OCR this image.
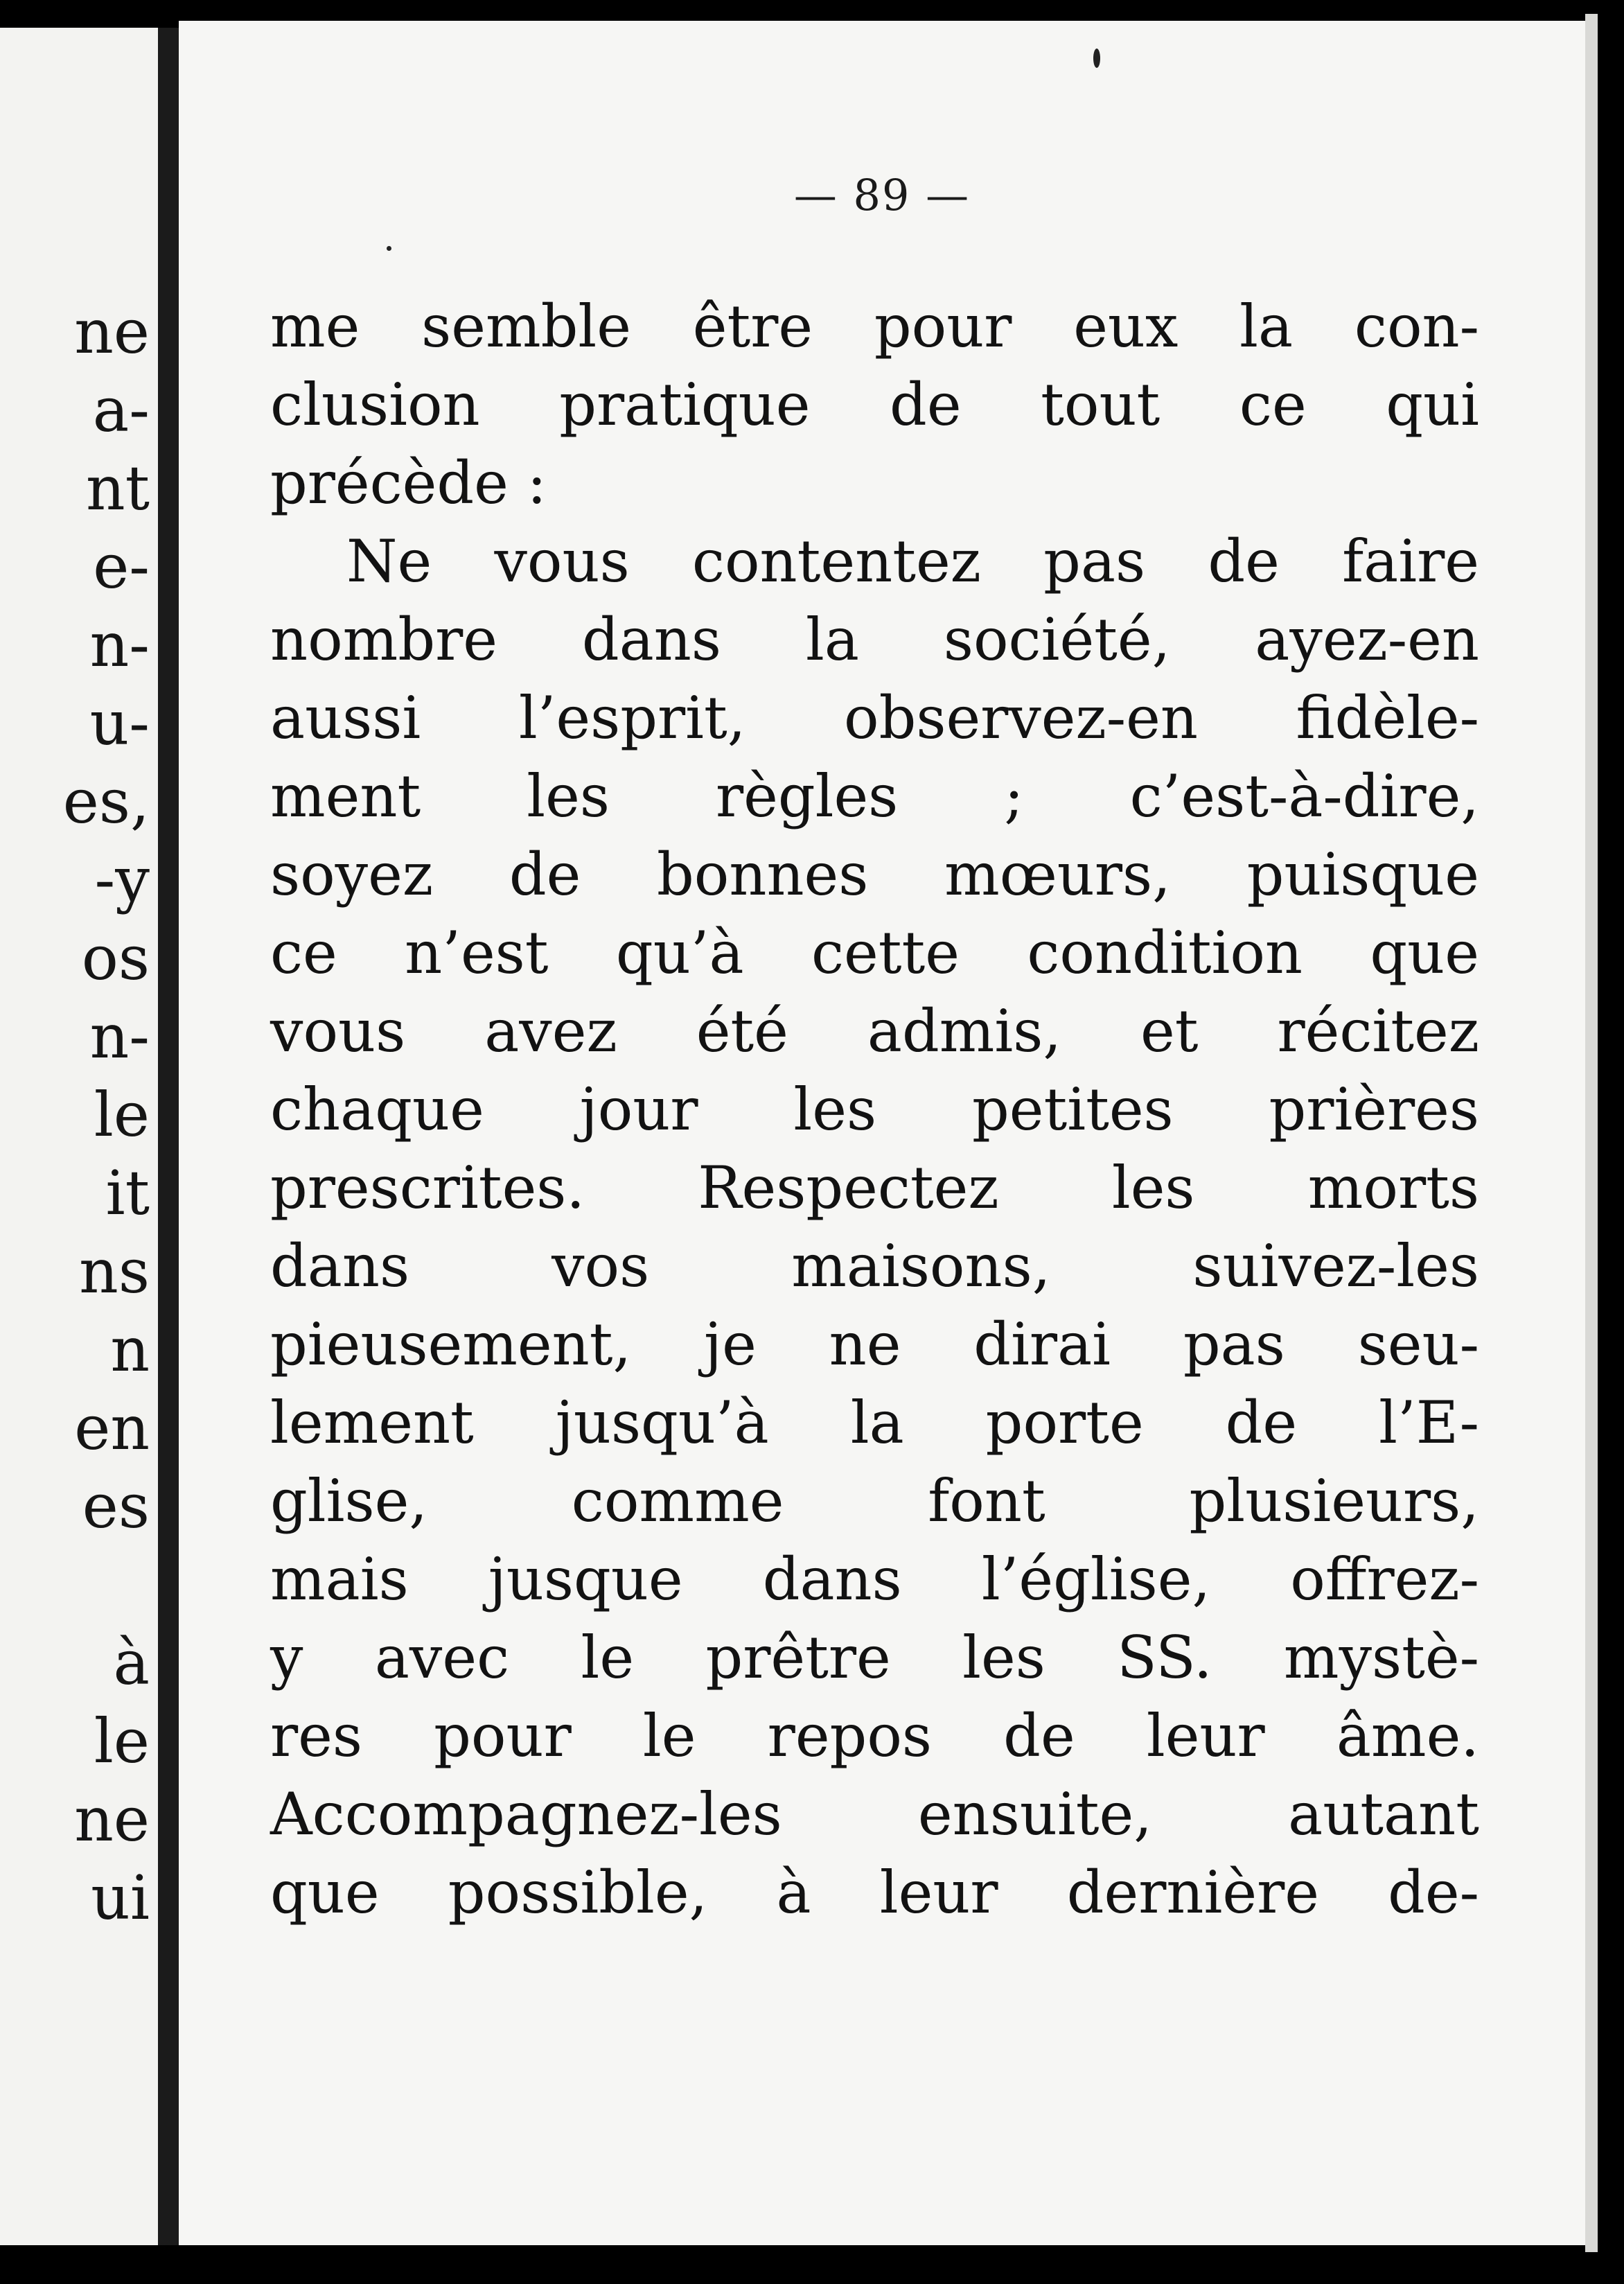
ne
a-
nt
e-
n-
u-
es,
-y
os
n-
le
it
ns
n
en
es
à
le
ne
ui
— 89 —
me semble être pour eux la con-
clusion pratique de tout ce qui
précède :
Ne vous contentez pas de faire
nombre dans la société, ayez-en
aussi l’esprit, observez-en fidèle-
ment les règles ; c’est-à-dire,
soyez de bonnes mœurs, puisque
ce n’est qu’à cette condition que
vous avez été admis, et récitez
chaque jour les petites prières
prescrites. Respectez les morts
dans vos maisons, suivez-les
pieusement, je ne dirai pas seu-
lement jusqu’à la porte de l’E-
glise, comme font plusieurs,
mais jusque dans l’église, offrez-
y avec le prêtre les SS. mystè-
res pour le repos de leur âme.
Accompagnez-les ensuite, autant
que possible, à leur dernière de-
